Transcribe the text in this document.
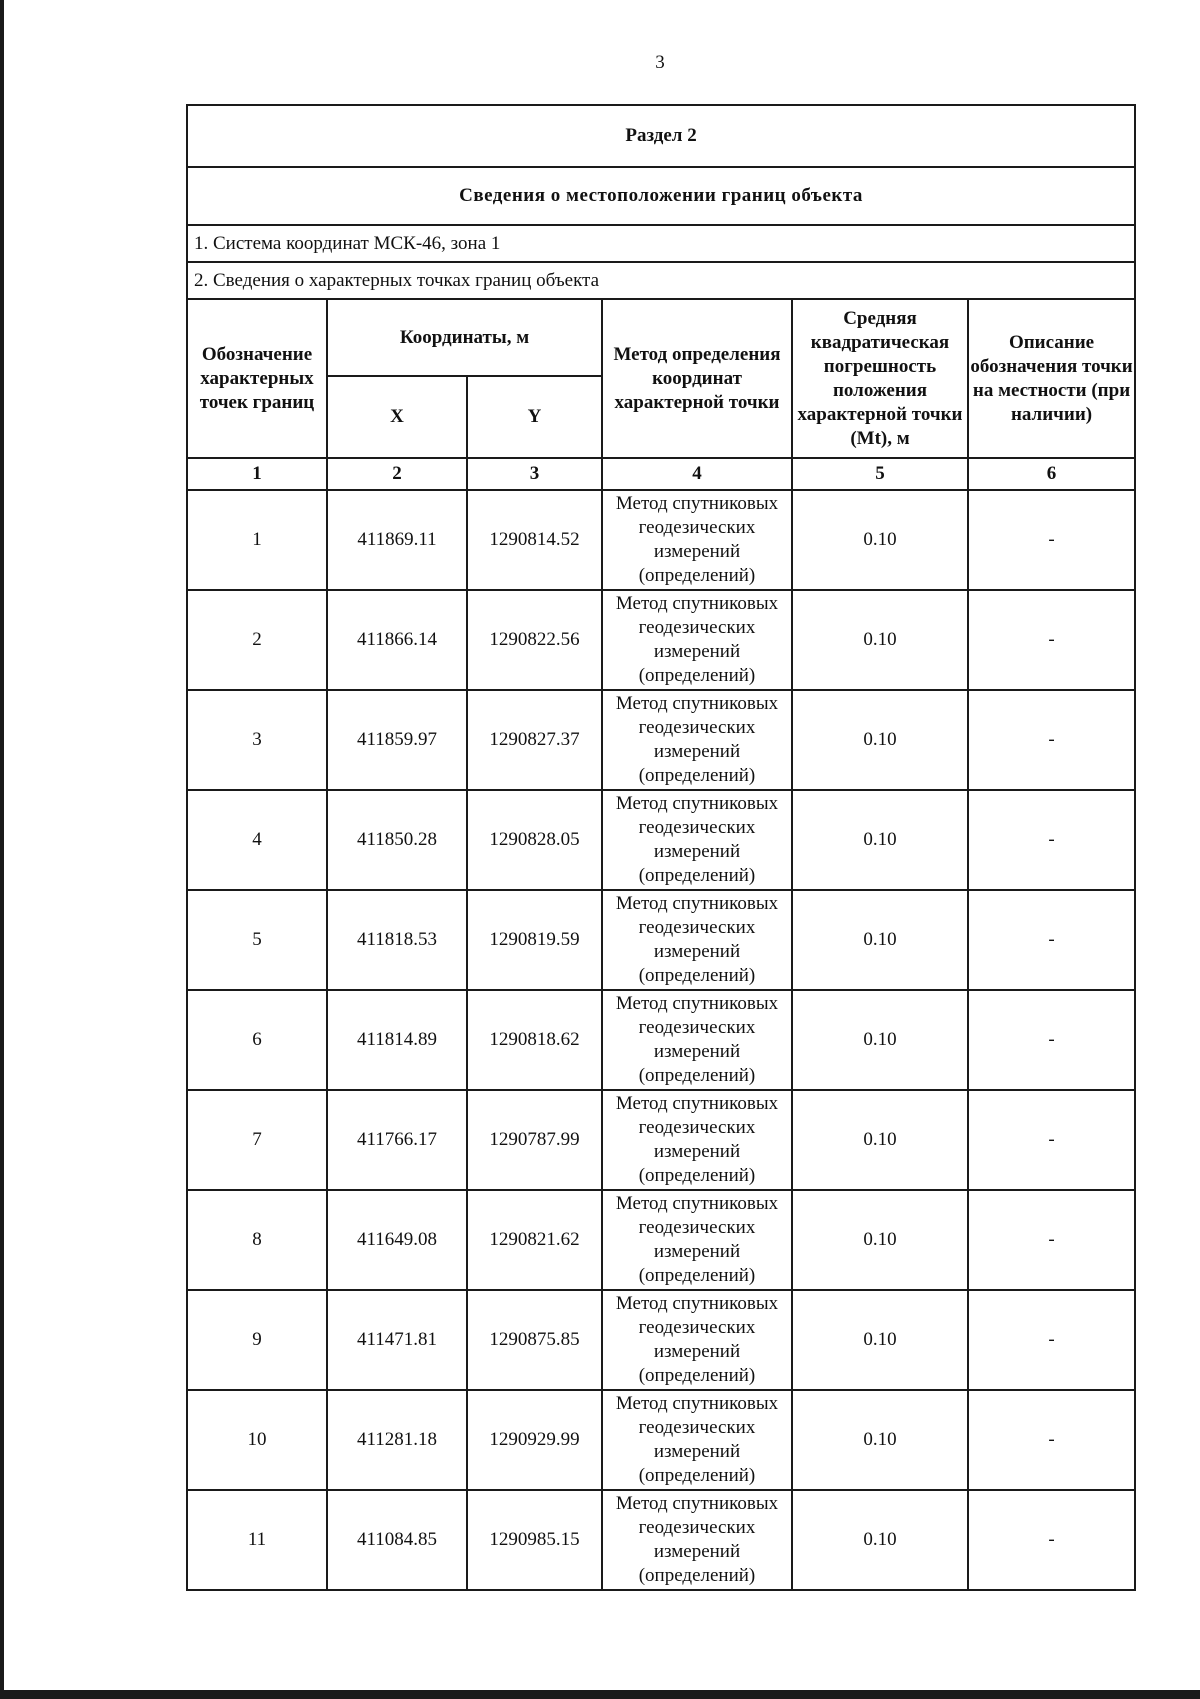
3
Раздел 2					
Сведения о местоположении границ объекта					
1. Система координат МСК-46, зона 1					
2. Сведения о характерных точках границ объекта					
Обозначение характерных точек границ	Координаты, м		Метод определения координат характерной точки	Средняя квадратическая погрешность положения характерной точки (Mt), м	Описание обозначения точки на местности (при наличии)
	X	Y			
1	2	3	4	5	6
1	411869.11	1290814.52	Метод спутниковых геодезических измерений (определений)	0.10	-
2	411866.14	1290822.56	Метод спутниковых геодезических измерений (определений)	0.10	-
3	411859.97	1290827.37	Метод спутниковых геодезических измерений (определений)	0.10	-
4	411850.28	1290828.05	Метод спутниковых геодезических измерений (определений)	0.10	-
5	411818.53	1290819.59	Метод спутниковых геодезических измерений (определений)	0.10	-
6	411814.89	1290818.62	Метод спутниковых геодезических измерений (определений)	0.10	-
7	411766.17	1290787.99	Метод спутниковых геодезических измерений (определений)	0.10	-
8	411649.08	1290821.62	Метод спутниковых геодезических измерений (определений)	0.10	-
9	411471.81	1290875.85	Метод спутниковых геодезических измерений (определений)	0.10	-
10	411281.18	1290929.99	Метод спутниковых геодезических измерений (определений)	0.10	-
11	411084.85	1290985.15	Метод спутниковых геодезических измерений (определений)	0.10	-
